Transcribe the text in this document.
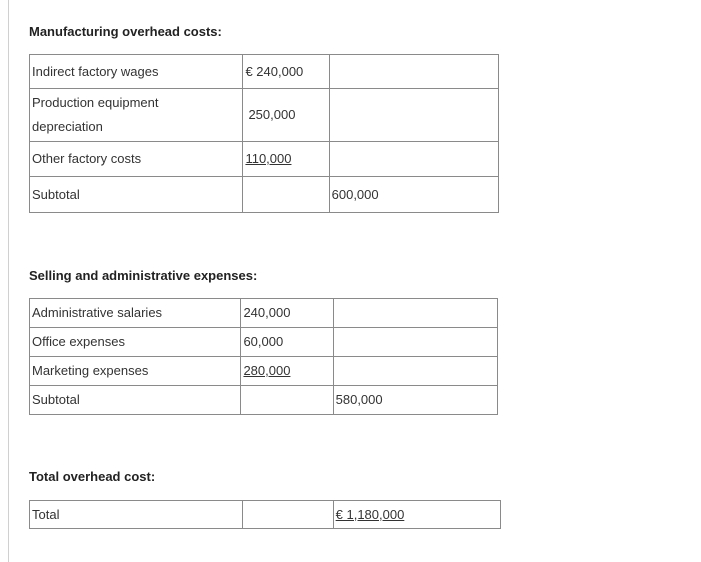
Manufacturing overhead costs:

Indirect factory wages	€ 240,000	

Production equipment
depreciation	250,000	
Other factory costs	110,000	
Subtotal		600,000

Selling and administrative expenses:

Administrative salaries	240,000	
Office expenses	60,000	
Marketing expenses	280,000	
Subtotal		580,000

Total overhead cost:

Total		€ 1,180,000
